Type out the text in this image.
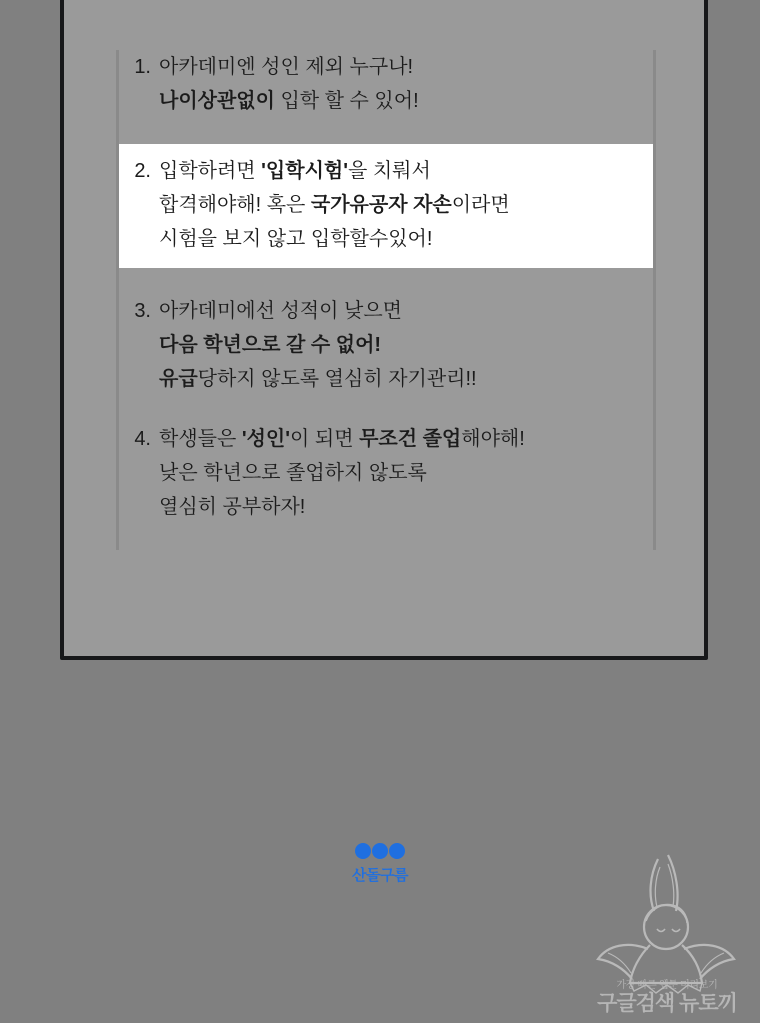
1. 아카데미엔 성인 제외 누구나!
나이상관없이 입학 할 수 있어!
2. 입학하려면 '입학시험'을 치뤄서
합격해야해! 혹은 국가유공자 자손이라면
시험을 보지 않고 입학할수있어!
3. 아카데미에선 성적이 낮으면
다음 학년으로 갈 수 없어!
유급당하지 않도록 열심히 자기관리!!
4. 학생들은 '성인'이 되면 무조건 졸업해야해!
낮은 학년으로 졸업하지 않도록
열심히 공부하자!
산돌구름
가장 빠른 웹툰 미리보기
구글검색 뉴토끼
